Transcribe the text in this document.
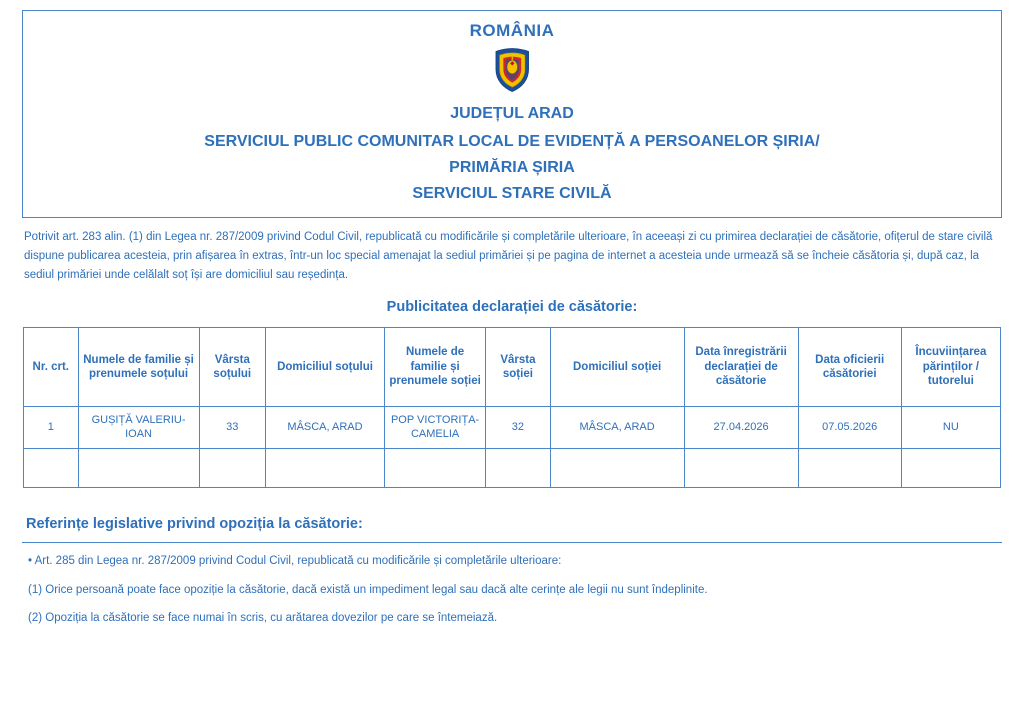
ROMÂNIA
JUDEȚUL ARAD
SERVICIUL PUBLIC COMUNITAR LOCAL DE EVIDENȚĂ A PERSOANELOR ȘIRIA/
PRIMĂRIA ȘIRIA
SERVICIUL STARE CIVILĂ
Potrivit art. 283 alin. (1) din Legea nr. 287/2009 privind Codul Civil, republicată cu modificările și completările ulterioare, în aceeași zi cu primirea declarației de căsătorie, ofițerul de stare civilă dispune publicarea acesteia, prin afișarea în extras, într-un loc special amenajat la sediul primăriei și pe pagina de internet a acesteia unde urmează să se încheie căsătoria și, după caz, la sediul primăriei unde celălalt soț își are domiciliul sau reședința.
Publicitatea declarației de căsătorie:
Nr. crt.	Numele de familie și prenumele soțului	Vârsta soțului	Domiciliul soțului	Numele de familie și prenumele soției	Vârsta soției	Domiciliul soției	Data înregistrării declarației de căsătorie	Data oficierii căsătoriei	Încuviințarea părinților / tutorelui
1	GUȘIȚĂ VALERIU-IOAN	33	MÂSCA, ARAD	POP VICTORIȚA-CAMELIA	32	MÂSCA, ARAD	27.04.2026	07.05.2026	NU

Referințe legislative privind opoziția la căsătorie:
• Art. 285 din Legea nr. 287/2009 privind Codul Civil, republicată cu modificările și completările ulterioare:
(1) Orice persoană poate face opoziție la căsătorie, dacă există un impediment legal sau dacă alte cerințe ale legii nu sunt îndeplinite.
(2) Opoziția la căsătorie se face numai în scris, cu arătarea dovezilor pe care se întemeiază.
